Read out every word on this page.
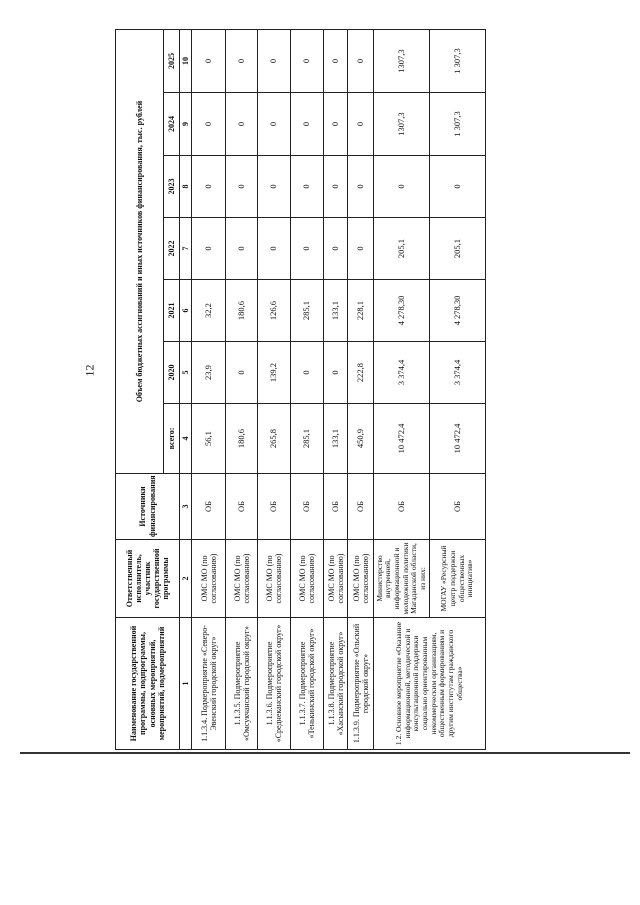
12
Наименование государственной программы, подпрограммы, основных мероприятий, мероприятий, подмероприятий	Ответственный исполнитель, участник государственной программы	Источники финансирования	Объем бюджетных ассигнований и иных источников финансирования, тыс. рублей						
			всего:	2020	2021	2022	2023	2024	2025
1	2	3	4	5	6	7	8	9	10
1.1.3.4. Подмероприятие «Северо-Эвенский городской округ»	ОМС МО (по согласованию)	ОБ	56,1	23,9	32,2	0	0	0	0
1.1.3.5. Подмероприятие «Омсукчанский городской округ»	ОМС МО (по согласованию)	ОБ	180,6	0	180,6	0	0	0	0
1.1.3.6. Подмероприятие «Среднеканский городской округ»	ОМС МО (по согласованию)	ОБ	265,8	139,2	126,6	0	0	0	0
1.1.3.7. Подмероприятие «Тенькинский городской округ»	ОМС МО (по согласованию)	ОБ	285,1	0	285,1	0	0	0	0
1.1.3.8. Подмероприятие «Хасынский городской округ»	ОМС МО (по согласованию)	ОБ	133,1	0	133,1	0	0	0	0
1.1.3.9. Подмероприятие «Ольский городской округ»	ОМС МО (по согласованию)	ОБ	450,9	222,8	228,1	0	0	0	0
1.2. Основное мероприятие «Оказание информационной, методической и консультационной поддержки социально ориентированным некоммерческим организациям, общественным формированиям и другим институтам гражданского общества»	Министерство внутренней, информационной и молодежной политики Магаданской области, из них:	ОБ	10 472,4	3 374,4	4 278,30	205,1	0	1307,3	1307,3
	МОГАУ «Ресурсный центр поддержки общественных инициатив»	ОБ	10 472,4	3 374,4	4 278,30	205,1	0	1 307,3	1 307,3
